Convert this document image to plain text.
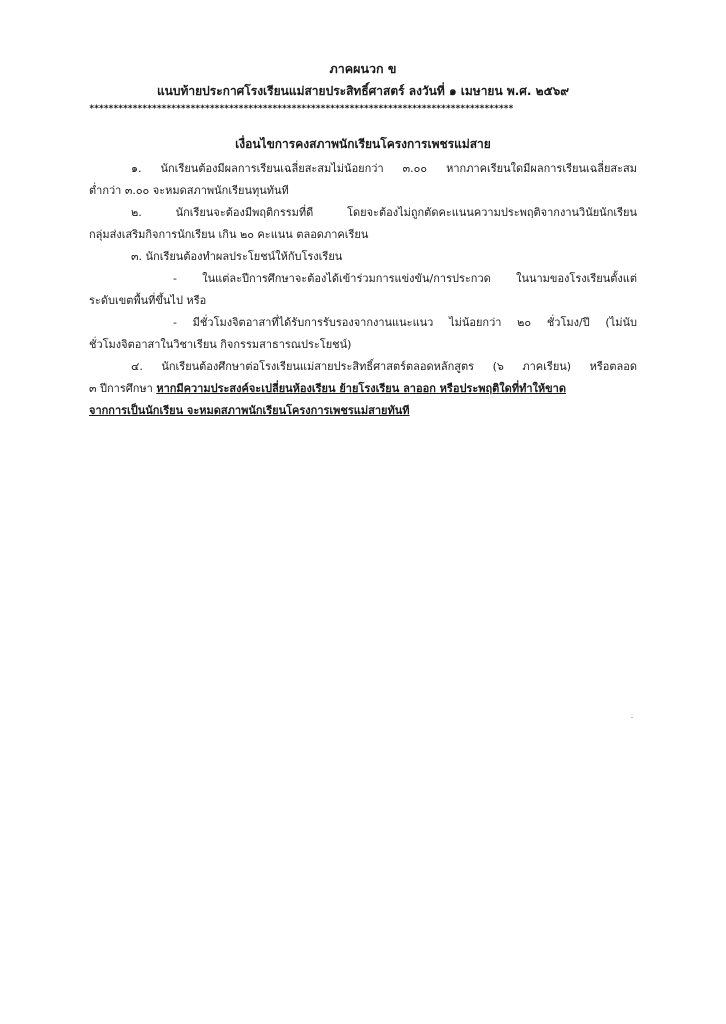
ภาคผนวก ข
แนบท้ายประกาศโรงเรียนแม่สายประสิทธิ์ศาสตร์ ลงวันที่ ๑ เมษายน พ.ศ. ๒๕๖๙
****************************************************************************************
เงื่อนไขการคงสภาพนักเรียนโครงการเพชรแม่สาย
๑. นักเรียนต้องมีผลการเรียนเฉลี่ยสะสมไม่น้อยกว่า ๓.๐๐ หากภาคเรียนใดมีผลการเรียนเฉลี่ยสะสม
ต่ำกว่า ๓.๐๐ จะหมดสภาพนักเรียนทุนทันที
๒. นักเรียนจะต้องมีพฤติกรรมที่ดี โดยจะต้องไม่ถูกตัดคะแนนความประพฤติจากงานวินัยนักเรียน
กลุ่มส่งเสริมกิจการนักเรียน เกิน ๒๐ คะแนน ตลอดภาคเรียน
๓. นักเรียนต้องทำผลประโยชน์ให้กับโรงเรียน
- ในแต่ละปีการศึกษาจะต้องได้เข้าร่วมการแข่งขัน/การประกวด ในนามของโรงเรียนตั้งแต่
ระดับเขตพื้นที่ขึ้นไป หรือ
- มีชั่วโมงจิตอาสาที่ได้รับการรับรองจากงานแนะแนว ไม่น้อยกว่า ๒๐ ชั่วโมง/ปี (ไม่นับ
ชั่วโมงจิตอาสาในวิชาเรียน กิจกรรมสาธารณประโยชน์)
๔. นักเรียนต้องศึกษาต่อโรงเรียนแม่สายประสิทธิ์ศาสตร์ตลอดหลักสูตร (๖ ภาคเรียน) หรือตลอด
๓ ปีการศึกษา หากมีความประสงค์จะเปลี่ยนห้องเรียน ย้ายโรงเรียน ลาออก หรือประพฤติใดที่ทำให้ขาด
จากการเป็นนักเรียน จะหมดสภาพนักเรียนโครงการเพชรแม่สายทันที
